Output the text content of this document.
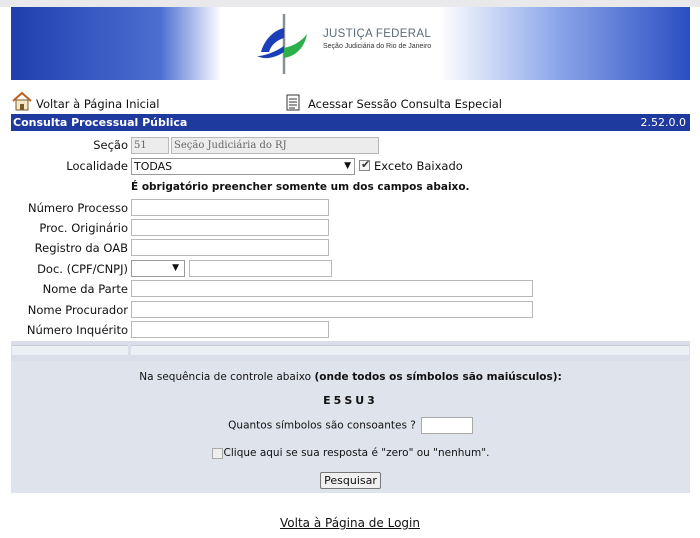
JUSTIÇA FEDERAL
Seção Judiciária do Rio de Janeiro
Voltar à Página Inicial	Acessar Sessão Consulta Especial
Consulta Processual Pública	2.52.0.0
Seção 51	Seção Judiciária do RJ
Localidade TODAS	▼ ✔ Exceto Baixado
É obrigatório preencher somente um dos campos abaixo.
Número Processo
Proc. Originário
Registro da OAB
Doc. (CPF/CNPJ)	▼
Nome da Parte
Nome Procurador
Número Inquérito
Na sequência de controle abaixo (onde todos os símbolos são maiúsculos):
E5SU3
Quantos símbolos são consoantes ?
Clique aqui se sua resposta é "zero" ou "nenhum".
Pesquisar
Volta à Página de Login
